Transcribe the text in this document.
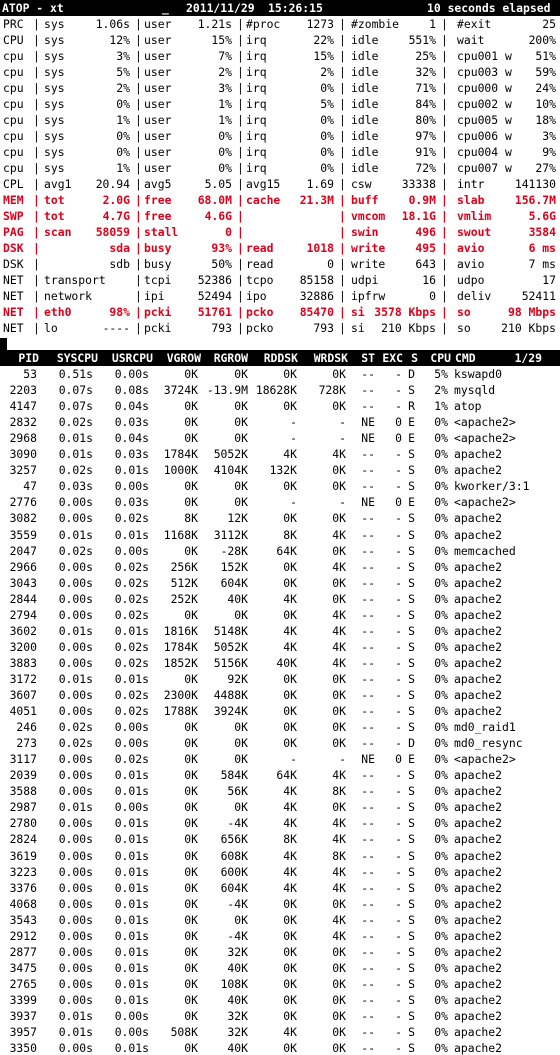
ATOP - xt

	_

2011/11/29

15:26:15

	10 seconds elapsed

|	|	|	|	|
PRC sys	1.06s user 1.21s #proc 1273 #zombie	1 #exit	25
|	|	|	|	|
CPU sys	12% user	15% irq	22% idle	551% wait	200%
|	|	|	|	|
cpu sys	3% user	7% irq	15% idle	25% cpu001 w 51%
|	|	|	|	|
cpu sys	5% user	2% irq	2% idle	32% cpu003 w 59%
|	|	|	|	|
cpu sys	2% user	3% irq	0% idle	71% cpu000 w 24%
|	|	|	|	|
cpu sys	0% user	1% irq	5% idle	84% cpu002 w 10%
|	|	|	|	|
cpu sys	1% user	1% irq	0% idle	80% cpu005 w 18%
|	|	|	|	|
cpu sys	0% user	0% irq	0% idle	97% cpu006 w	3%
|	|	|	|	|
cpu sys	0% user	0% irq	0% idle	91% cpu004 w	9%
|	|	|	|	|
cpu sys	1% user	0% irq	0% idle	72% cpu007 w 27%
|	|	|	|	|
CPL avg1 20.94 avg5	5.05 avg15 1.69 csw	33338 intr	141130
|	|	|	|	|
MEM tot	2.0G free 68.0M cache 21.3M buff	0.9M slab	156.7M
|	|	|	|	|
SWP tot	4.7G free	4.6G	vmcom 18.1G vmlim	5.6G
|	|	|	|	|
PAG scan 58059 stall	0	swin	496 swout	3584
|	|	|	|	|
DSK	sda busy	93% read	1018 write	495 avio	6 ms
|	|	|	|	|
DSK	sdb busy	50% read	0 write	643 avio	7 ms
|	|	|	|	|
NET transport	tcpi 52386 tcpo 85158 udpi	16 udpo	17
|	|	|	|	|
NET network	ipi	52494 ipo	32886 ipfrw	0 deliv	52411
|	|	|	|	|
NET eth0	98% pcki 51761 pcko 85470 si 3578 Kbps so	98 Mbps
|	|	|	|	|
NET lo	---- pcki	793 pcko	793 si 210 Kbps so	210 Kbps
PID SYSCPU USRCPU VGROW RGROW RDDSK WRDSK ST EXC S CPU CMD	1/29
53 0.51s 0.00s	0K	0K	0K	0K -- - D 5% kswapd0
2203 0.07s 0.08s 3724K -13.9M 18628K 728K -- - S 2% mysqld
4147 0.07s 0.04s	0K	0K	0K	0K -- - R 1% atop
2832 0.02s 0.03s	0K	0K	-	- NE 0 E 0% <apache2>
2968 0.01s 0.04s	0K	0K	-	- NE 0 E 0% <apache2>
3090 0.01s 0.03s 1784K 5052K	4K	4K -- - S 0% apache2
3257 0.02s 0.01s 1000K 4104K 132K	0K -- - S 0% apache2
47 0.03s 0.00s	0K	0K	0K	0K -- - S 0% kworker/3:1
2776 0.00s 0.03s	0K	0K	-	- NE 0 E 0% <apache2>
3082 0.00s 0.02s	8K	12K	0K	0K -- - S 0% apache2
3559 0.01s 0.01s 1168K 3112K	8K	4K -- - S 0% apache2
2047 0.02s 0.00s	0K -28K 64K	0K -- - S 0% memcached
2966 0.00s 0.02s 256K 152K	0K	4K -- - S 0% apache2
3043 0.00s 0.02s 512K 604K	0K	0K -- - S 0% apache2
2844 0.00s 0.02s 252K	40K	4K	0K -- - S 0% apache2
2794 0.00s 0.02s	0K	0K	0K	4K -- - S 0% apache2
3602 0.01s 0.01s 1816K 5148K	4K	4K -- - S 0% apache2
3200 0.00s 0.02s 1784K 5052K	4K	4K -- - S 0% apache2
3883 0.00s 0.02s 1852K 5156K 40K	4K -- - S 0% apache2
3172 0.01s 0.01s	0K	92K	0K	0K -- - S 0% apache2
3607 0.00s 0.02s 2300K 4488K	0K	0K -- - S 0% apache2
4051 0.00s 0.02s 1788K 3924K	0K	0K -- - S 0% apache2
246 0.02s 0.00s	0K	0K	0K	0K -- - S 0% md0_raid1
273 0.02s 0.00s	0K	0K	0K	0K -- - D 0% md0_resync
3117 0.00s 0.02s	0K	0K	-	- NE 0 E 0% <apache2>
2039 0.00s 0.01s	0K 584K 64K	4K -- - S 0% apache2
3588 0.00s 0.01s	0K	56K	4K	8K -- - S 0% apache2
2987 0.01s 0.00s	0K	0K	4K	0K -- - S 0% apache2
2780 0.00s 0.01s	0K	-4K	4K	4K -- - S 0% apache2
2824 0.00s 0.01s	0K 656K	8K	4K -- - S 0% apache2
3619 0.00s 0.01s	0K 608K	4K	8K -- - S 0% apache2
3223 0.00s 0.01s	0K 600K	4K	4K -- - S 0% apache2
3376 0.00s 0.01s	0K 604K	4K	4K -- - S 0% apache2
4068 0.00s 0.01s	0K	-4K	0K	0K -- - S 0% apache2
3543 0.00s 0.01s	0K	0K	0K	4K -- - S 0% apache2
2912 0.00s 0.01s	0K	-4K	0K	4K -- - S 0% apache2
2877 0.00s 0.01s	0K	32K	0K	0K -- - S 0% apache2
3475 0.00s 0.01s	0K	40K	0K	0K -- - S 0% apache2
2765 0.00s 0.01s	0K 108K	0K	0K -- - S 0% apache2
3399 0.00s 0.01s	0K	40K	0K	0K -- - S 0% apache2
3937 0.01s 0.00s	0K	32K	0K	0K -- - S 0% apache2
3957 0.01s 0.00s 508K	32K	4K	0K -- - S 0% apache2
3350 0.00s 0.01s	0K	40K	0K	0K -- - S 0% apache2
